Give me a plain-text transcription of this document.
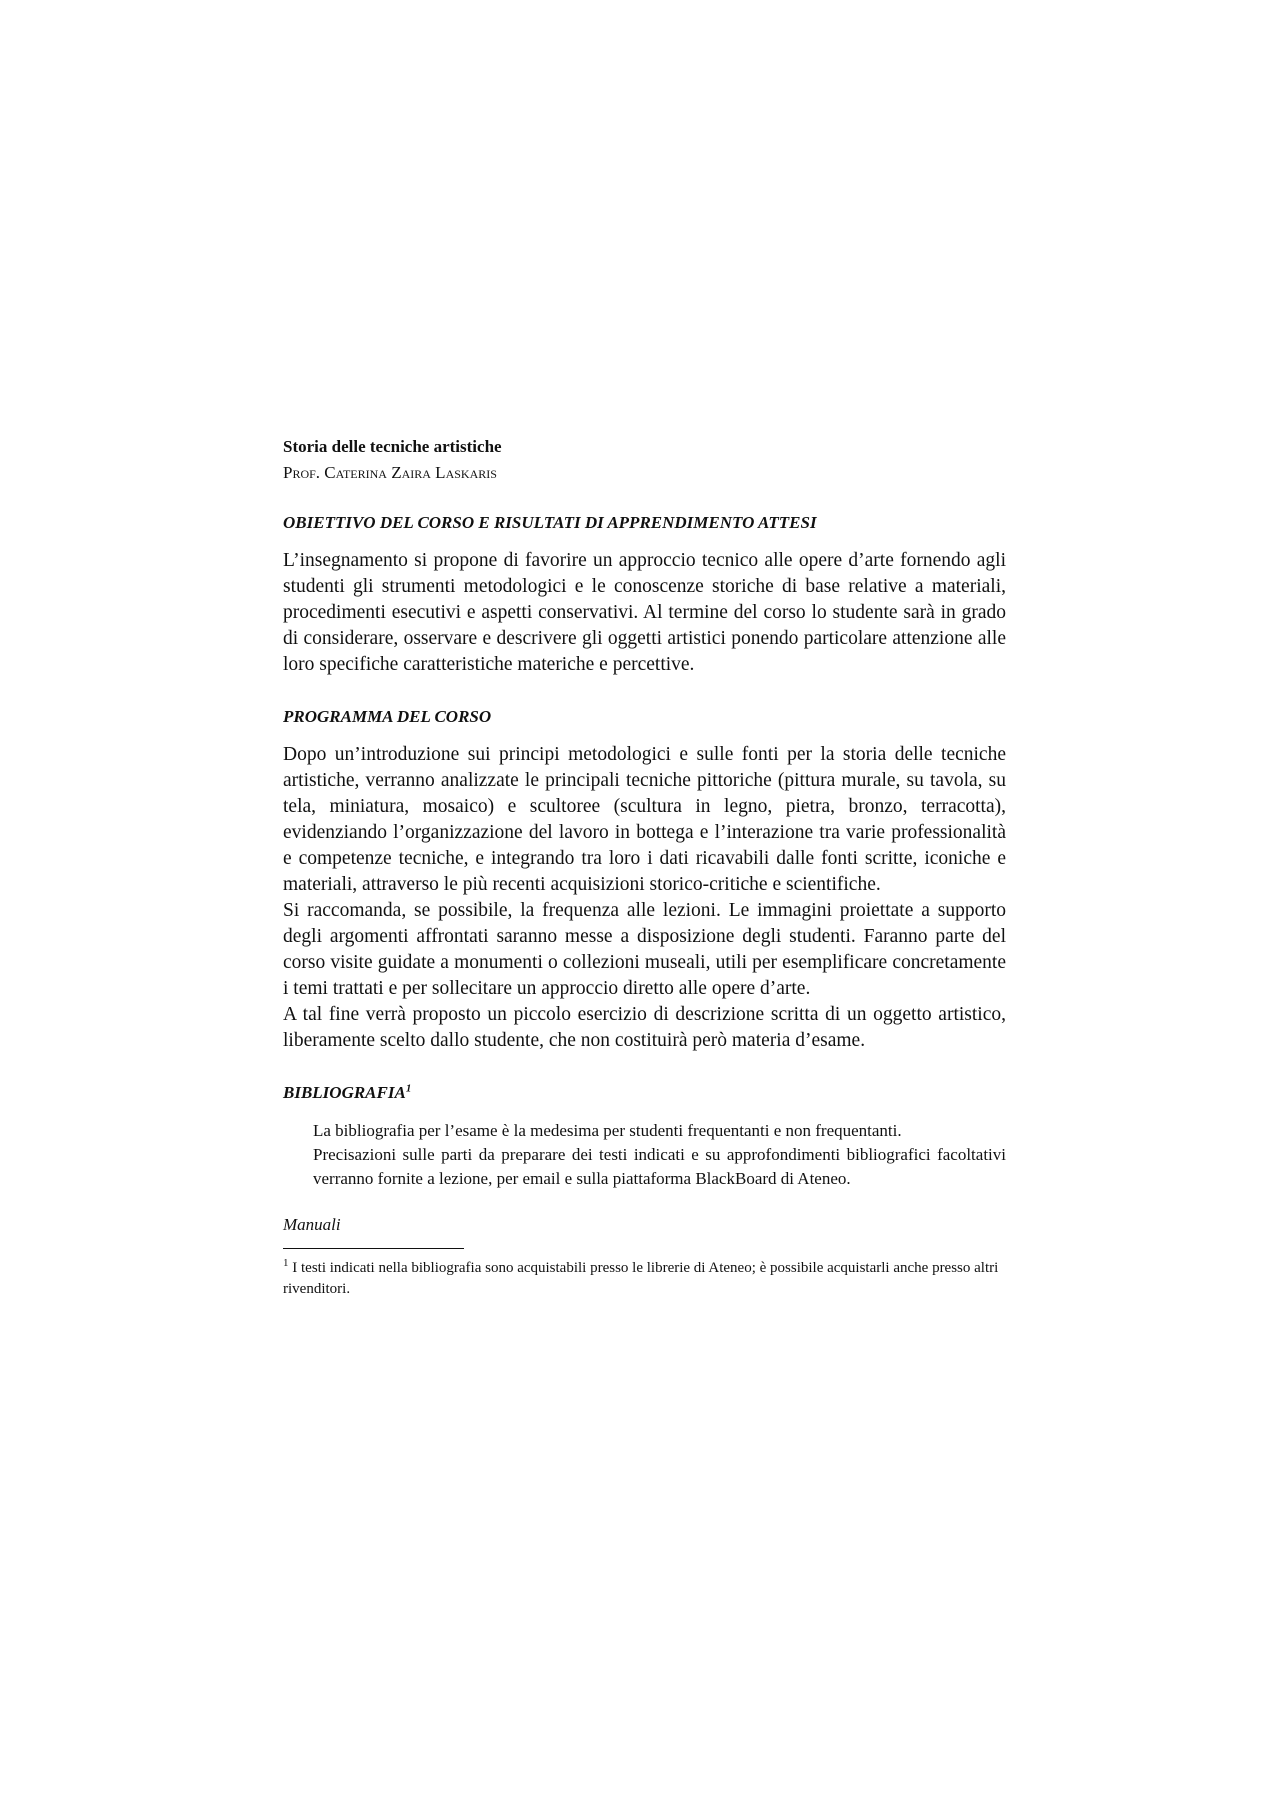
Storia delle tecniche artistiche

Prof. Caterina Zaira Laskaris

OBIETTIVO DEL CORSO E RISULTATI DI APPRENDIMENTO ATTESI

L’insegnamento si propone di favorire un approccio tecnico alle opere d’arte fornendo agli studenti gli strumenti metodologici e le conoscenze storiche di base relative a materiali, procedimenti esecutivi e aspetti conservativi. Al termine del corso lo studente sarà in grado di considerare, osservare e descrivere gli oggetti artistici ponendo particolare attenzione alle loro specifiche caratteristiche materiche e percettive.

PROGRAMMA DEL CORSO

Dopo un’introduzione sui principi metodologici e sulle fonti per la storia delle tecniche artistiche, verranno analizzate le principali tecniche pittoriche (pittura murale, su tavola, su tela, miniatura, mosaico) e scultoree (scultura in legno, pietra, bronzo, terracotta), evidenziando l’organizzazione del lavoro in bottega e l’interazione tra varie professionalità e competenze tecniche, e integrando tra loro i dati ricavabili dalle fonti scritte, iconiche e materiali, attraverso le più recenti acquisizioni storico-critiche e scientifiche.

Si raccomanda, se possibile, la frequenza alle lezioni. Le immagini proiettate a supporto degli argomenti affrontati saranno messe a disposizione degli studenti. Faranno parte del corso visite guidate a monumenti o collezioni museali, utili per esemplificare concretamente i temi trattati e per sollecitare un approccio diretto alle opere d’arte.

A tal fine verrà proposto un piccolo esercizio di descrizione scritta di un oggetto artistico, liberamente scelto dallo studente, che non costituirà però materia d’esame.

BIBLIOGRAFIA$^1$

La bibliografia per l’esame è la medesima per studenti frequentanti e non frequentanti.

Precisazioni sulle parti da preparare dei testi indicati e su approfondimenti bibliografici facoltativi verranno fornite a lezione, per email e sulla piattaforma BlackBoard di Ateneo.

Manuali

$^1$ I testi indicati nella bibliografia sono acquistabili presso le librerie di Ateneo; è possibile acquistarli anche presso altri rivenditori.
